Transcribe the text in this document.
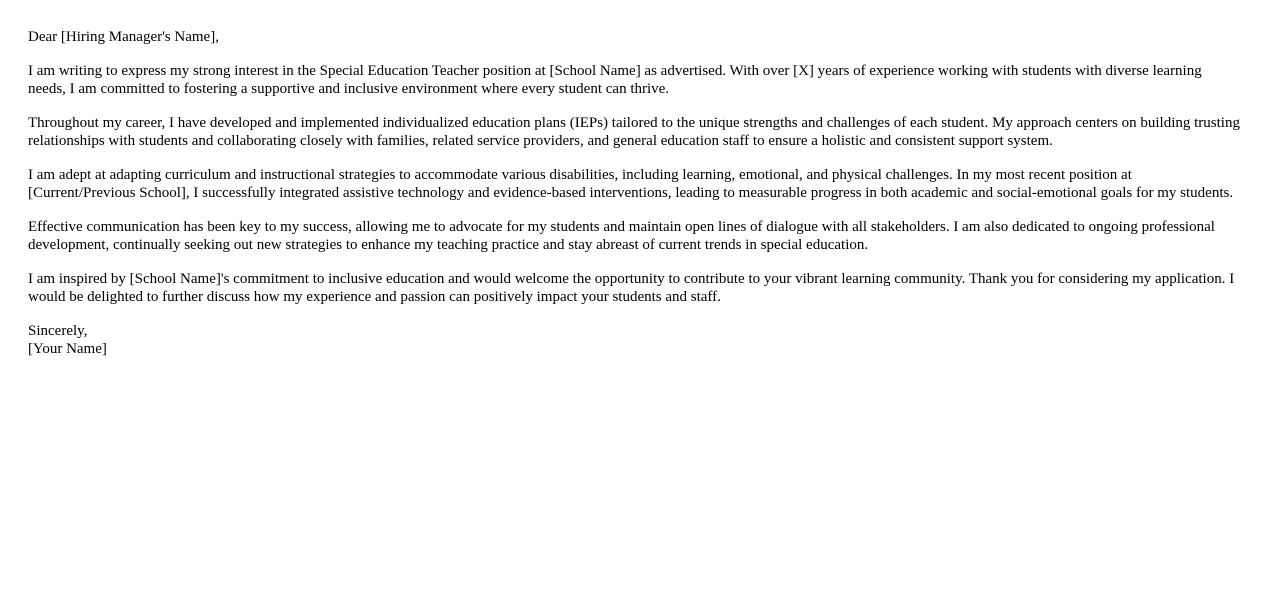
Dear [Hiring Manager's Name],

I am writing to express my strong interest in the Special Education Teacher position at [School Name] as advertised. With over [X] years of experience working with students with diverse learning needs, I am committed to fostering a supportive and inclusive environment where every student can thrive.

Throughout my career, I have developed and implemented individualized education plans (IEPs) tailored to the unique strengths and challenges of each student. My approach centers on building trusting relationships with students and collaborating closely with families, related service providers, and general education staff to ensure a holistic and consistent support system.

I am adept at adapting curriculum and instructional strategies to accommodate various disabilities, including learning, emotional, and physical challenges. In my most recent position at [Current/Previous School], I successfully integrated assistive technology and evidence-based interventions, leading to measurable progress in both academic and social-emotional goals for my students.

Effective communication has been key to my success, allowing me to advocate for my students and maintain open lines of dialogue with all stakeholders. I am also dedicated to ongoing professional development, continually seeking out new strategies to enhance my teaching practice and stay abreast of current trends in special education.

I am inspired by [School Name]'s commitment to inclusive education and would welcome the opportunity to contribute to your vibrant learning community. Thank you for considering my application. I would be delighted to further discuss how my experience and passion can positively impact your students and staff.

Sincerely,
[Your Name]
